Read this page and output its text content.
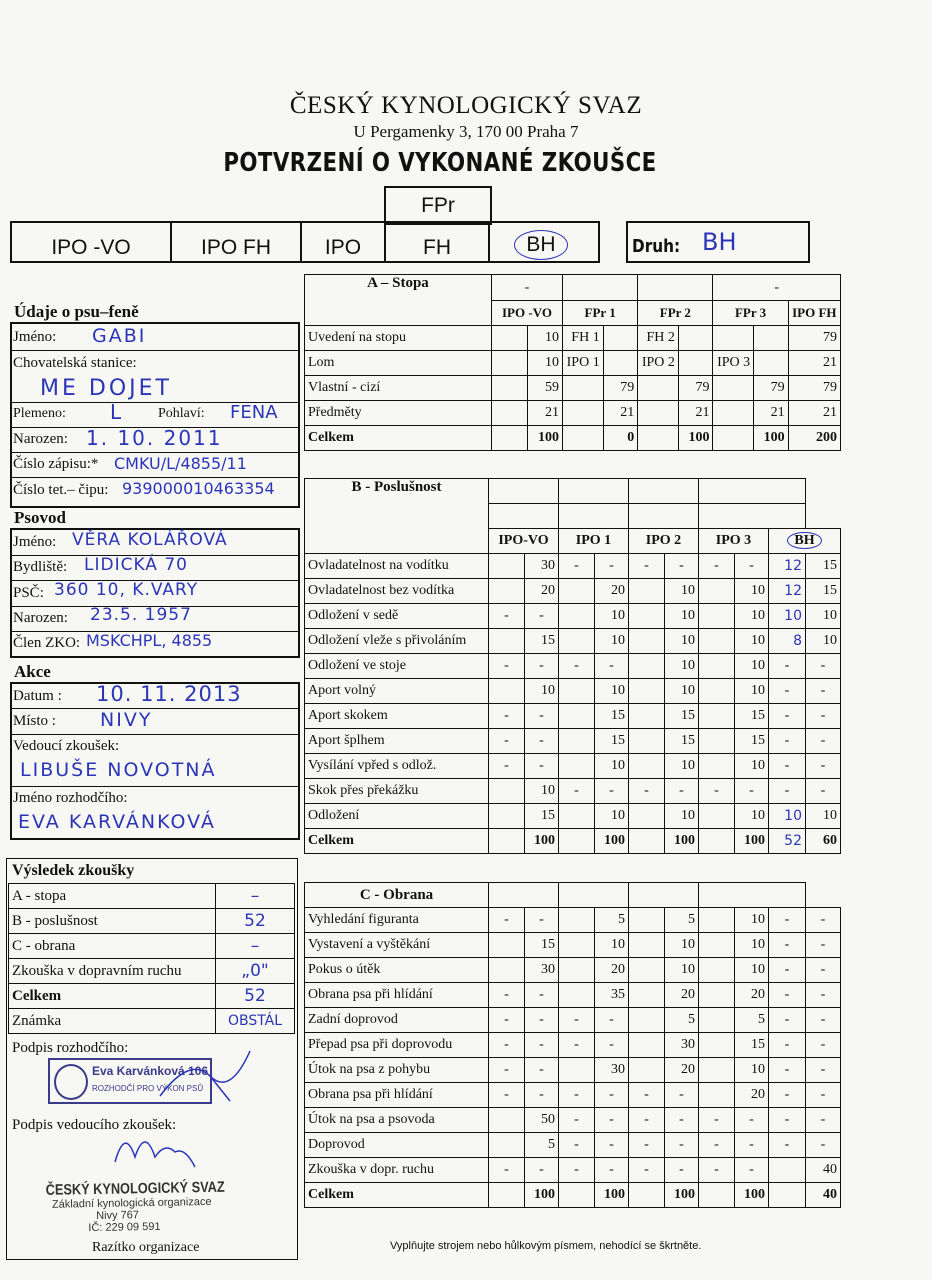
ČESKÝ KYNOLOGICKÝ SVAZ
U Pergamenky 3, 170 00 Praha 7
POTVRZENÍ O VYKONANÉ ZKOUŠCE
FPr
IPO -VO	IPO FH	IPO	FH	BH	Druh: BH
Údaje o psu–feně
Jméno: GABI
Chovatelská stanice:
ME DOJET
Plemeno: L	Pohlaví: FENA
Narozen: 1. 10. 2011
Číslo zápisu:* CMKU/L/4855/11
Číslo tet.– čipu: 939000010463354
Psovod
Jméno: VĚRA KOLÁŘOVÁ
Bydliště: LIDICKÁ 70
PSČ: 360 10, K.VARY
Narozen: 23.5. 1957
Člen ZKO: MSKCHPL, 4855
Akce
Datum : 10. 11. 2013
Místo : NIVY
Vedoucí zkoušek:
LIBUŠE NOVOTNÁ
Jméno rozhodčího:
EVA KARVÁNKOVÁ
Výsledek zkoušky
A - stopa	–
B - poslušnost	52
C - obrana	–
Zkouška v dopravním ruchu	„0"
Celkem	52
Známka	OBSTÁL
Podpis rozhodčího:
Eva Karvánková 106
ROZHODČÍ PRO VÝKON PSŮ
Podpis vedoucího zkoušek:
ČESKÝ KYNOLOGICKÝ SVAZ
Základní kynologická organizace
Nivy 767
IČ: 229 09 591
Razítko organizace	Vyplňujte strojem nebo hůlkovým písmem, nehodící se škrtněte.
A – Stopa	-						-		
	IPO -VO		FPr 1		FPr 2		FPr 3		IPO FH
Uvedení na stopu		10	FH 1		FH 2				79
Lom		10	IPO 1		IPO 2		IPO 3		21
Vlastní - cizí		59		79		79		79	79
Předměty		21		21		21		21	21
Celkem		100		0		100		100	200
B - Poslušnost										

	IPO-VO		IPO 1		IPO 2		IPO 3		BH	
Ovladatelnost na vodítku		30	-	-	-	-	-	-	12	15
Ovladatelnost bez vodítka		20		20		10		10	12	15
Odložení v sedě	-	-		10		10		10	10	10
Odložení vleže s přivoláním		15		10		10		10	8	10
Odložení ve stoje	-	-	-	-		10		10	-	-
Aport volný		10		10		10		10	-	-
Aport skokem	-	-		15		15		15	-	-
Aport šplhem	-	-		15		15		15	-	-
Vysílání vpřed s odlož.	-	-		10		10		10	-	-
Skok přes překážku		10	-	-	-	-	-	-	-	-
Odložení		15		10		10		10	10	10
Celkem		100		100		100		100	52	60
C - Obrana										
Vyhledání figuranta	-	-		5		5		10	-	-
Vystavení a vyštěkání		15		10		10		10	-	-
Pokus o útěk		30		20		10		10	-	-
Obrana psa při hlídání	-	-		35		20		20	-	-
Zadní doprovod	-	-	-	-		5		5	-	-
Přepad psa při doprovodu	-	-	-	-		30		15	-	-
Útok na psa z pohybu	-	-		30		20		10	-	-
Obrana psa při hlídání	-	-	-	-	-	-		20	-	-
Útok na psa a psovoda		50	-	-	-	-	-	-	-	-
Doprovod		5	-	-	-	-	-	-	-	-
Zkouška v dopr. ruchu	-	-	-	-	-	-	-	-		40
Celkem		100		100		100		100		40
